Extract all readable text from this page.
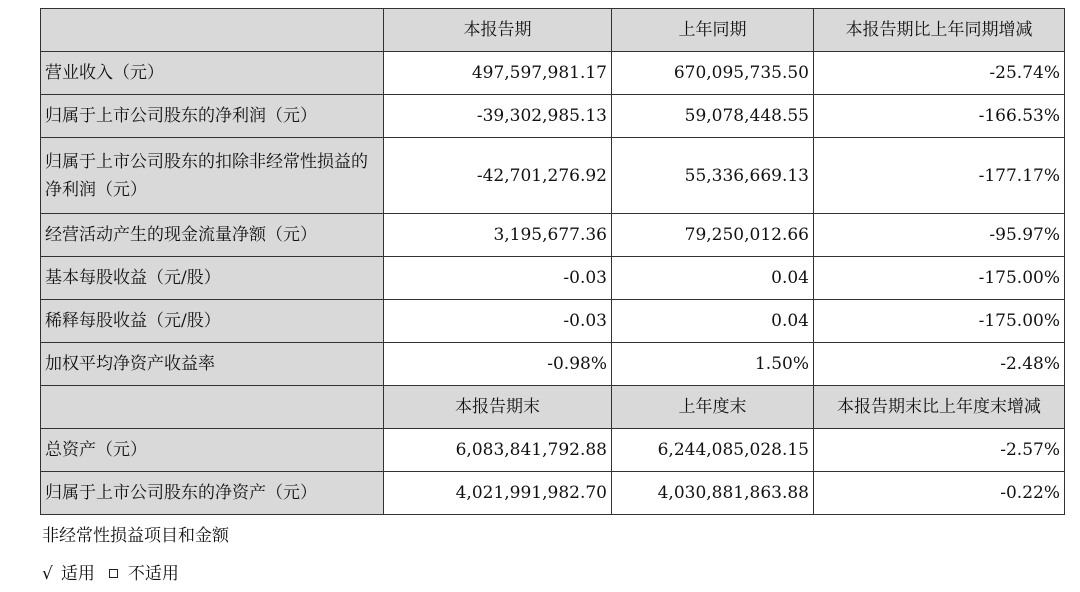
	本报告期	上年同期	本报告期比上年同期增减
营业收入（元）	497,597,981.17	670,095,735.50	-25.74%
归属于上市公司股东的净利润（元）	-39,302,985.13	59,078,448.55	-166.53%
归属于上市公司股东的扣除非经常性损益的净利润（元）	-42,701,276.92	55,336,669.13	-177.17%
经营活动产生的现金流量净额（元）	3,195,677.36	79,250,012.66	-95.97%
基本每股收益（元/股）	-0.03	0.04	-175.00%
稀释每股收益（元/股）	-0.03	0.04	-175.00%
加权平均净资产收益率	-0.98%	1.50%	-2.48%
	本报告期末	上年度末	本报告期末比上年度末增减
总资产（元）	6,083,841,792.88	6,244,085,028.15	-2.57%
归属于上市公司股东的净资产（元）	4,021,991,982.70	4,030,881,863.88	-0.22%
非经常性损益项目和金额
√ 适用 不适用
